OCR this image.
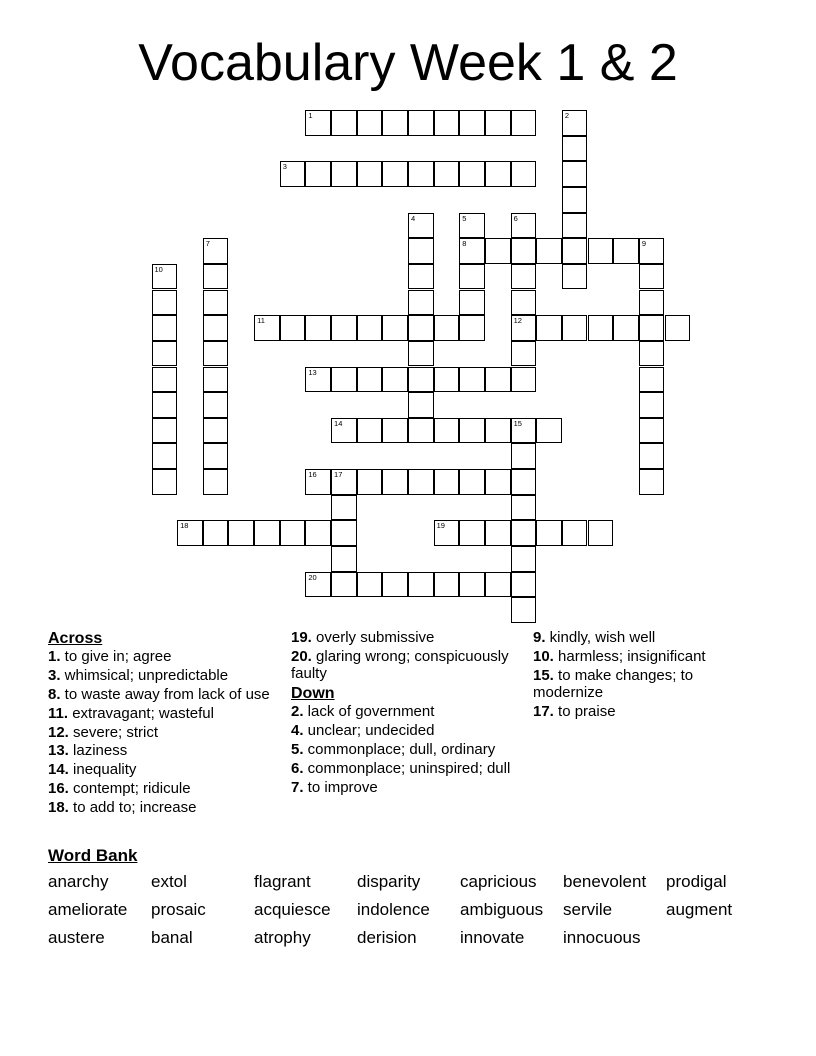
Vocabulary Week 1 & 2
1	2
3
4	5
8
6
12
7	9
10
11
13
14	15
16 17
18	19
20
Across
1. to give in; agree
3. whimsical; unpredictable
8. to waste away from lack of use
11. extravagant; wasteful
12. severe; strict
13. laziness
14. inequality
16. contempt; ridicule
18. to add to; increase
19. overly submissive
20. glaring wrong; conspicuously faulty
Down
2. lack of government
4. unclear; undecided
5. commonplace; dull, ordinary
6. commonplace; uninspired; dull
7. to improve
9. kindly, wish well
10. harmless; insignificant
15. to make changes; to modernize
17. to praise
Word Bank
anarchy	extol	flagrant	disparity capricious benevolent prodigal
ameliorate prosaic	acquiesce indolence ambiguous servile	augment
austere	banal	atrophy	derision	innovate innocuous
